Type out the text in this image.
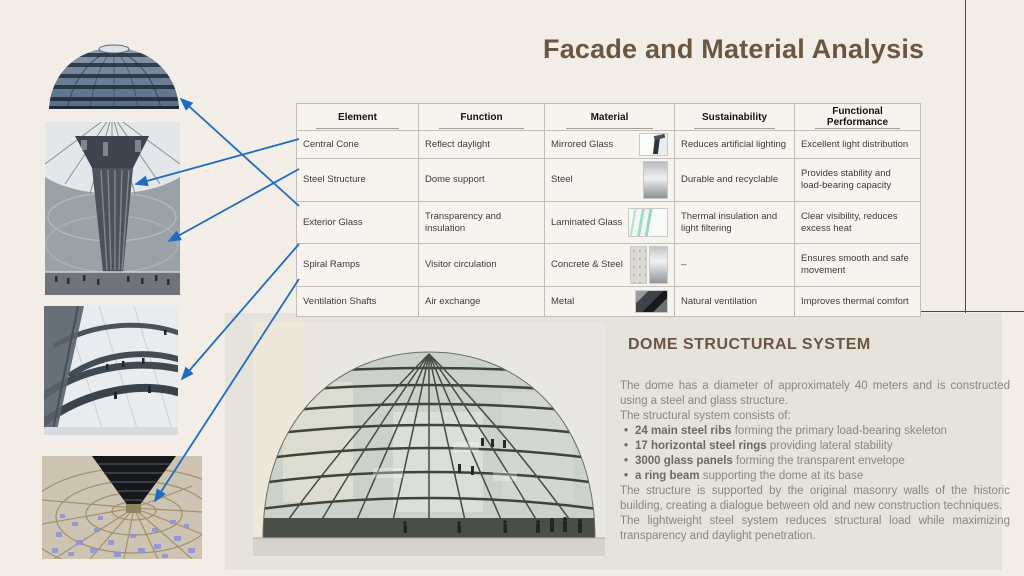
Facade and Material Analysis
Element	Function	Material	Sustainability	Functional Performance
Central Cone	Reflect daylight	Mirrored Glass	Reduces artificial lighting	Excellent light distribution
Steel Structure	Dome support	Steel	Durable and recyclable	Provides stability and load-bearing capacity
Exterior Glass	Transparency and insulation	Laminated Glass	Thermal insulation and light filtering	Clear visibility, reduces excess heat
Spiral Ramps	Visitor circulation	Concrete & Steel	–	Ensures smooth and safe movement
Ventilation Shafts	Air exchange	Metal	Natural ventilation	Improves thermal comfort
DOME STRUCTURAL SYSTEM

The dome has a diameter of approximately 40 meters and is constructed using a steel and glass structure.

The structural system consists of:

• 24 main steel ribs forming the primary load-bearing skeleton
• 17 horizontal steel rings providing lateral stability
• 3000 glass panels forming the transparent envelope
• a ring beam supporting the dome at its base

The structure is supported by the original masonry walls of the historic building, creating a dialogue between old and new construction techniques.

The lightweight steel system reduces structural load while maximizing transparency and daylight penetration.
